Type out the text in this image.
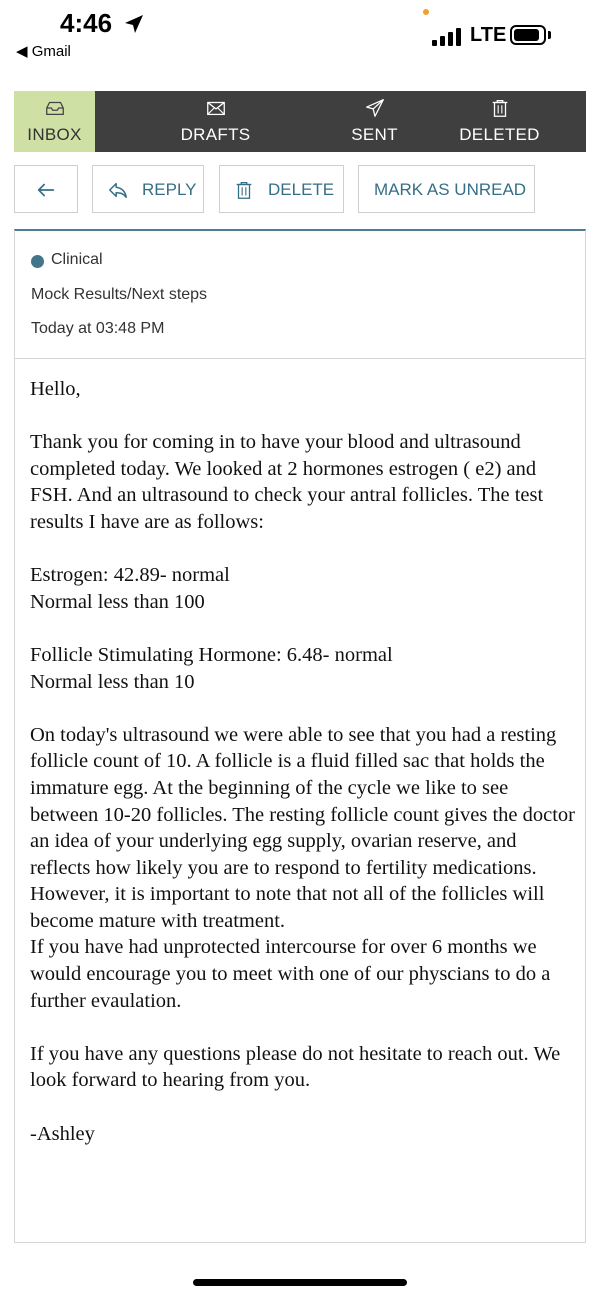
4:46
◀ Gmail
LTE
INBOX	DRAFTS	SENT	DELETED
REPLY	DELETE MARK AS UNREAD
Clinical
Mock Results/Next steps
Today at 03:48 PM
Hello,

Thank you for coming in to have your blood and ultrasound completed today. We looked at 2 hormones estrogen ( e2) and FSH. And an ultrasound to check your antral follicles. The test results I have are as follows:

Estrogen: 42.89- normal
Normal less than 100

Follicle Stimulating Hormone: 6.48- normal
Normal less than 10

On today's ultrasound we were able to see that you had a resting follicle count of 10. A follicle is a fluid filled sac that holds the immature egg. At the beginning of the cycle we like to see between 10-20 follicles. The resting follicle count gives the doctor an idea of your underlying egg supply, ovarian reserve, and reflects how likely you are to respond to fertility medications. However, it is important to note that not all of the follicles will become mature with treatment.
If you have had unprotected intercourse for over 6 months we would encourage you to meet with one of our physcians to do a further evaulation.

If you have any questions please do not hesitate to reach out. We look forward to hearing from you.

-Ashley
